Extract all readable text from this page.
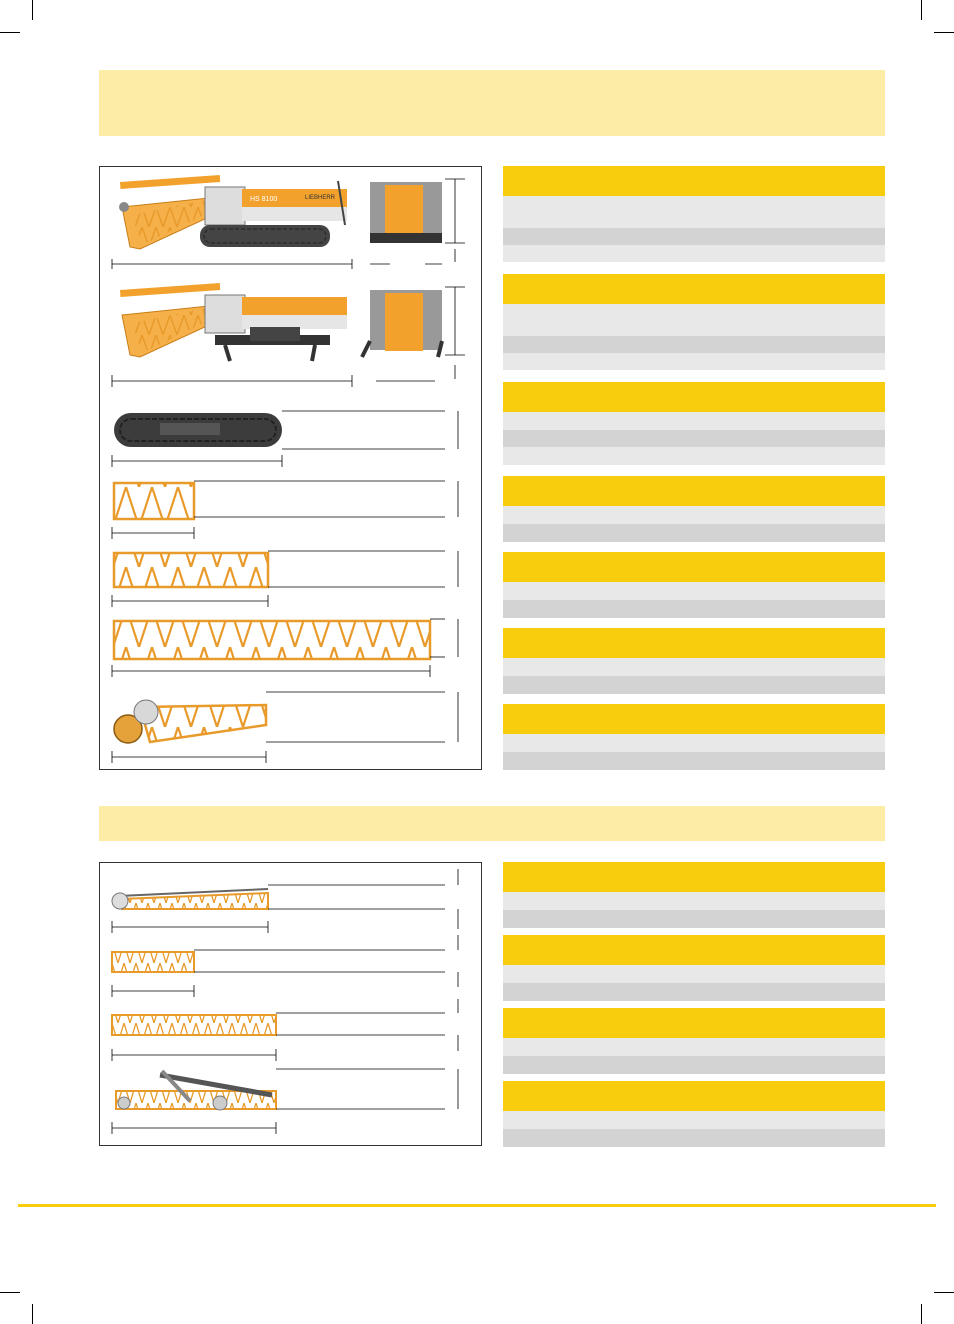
HS 8100	LIEBHERR
